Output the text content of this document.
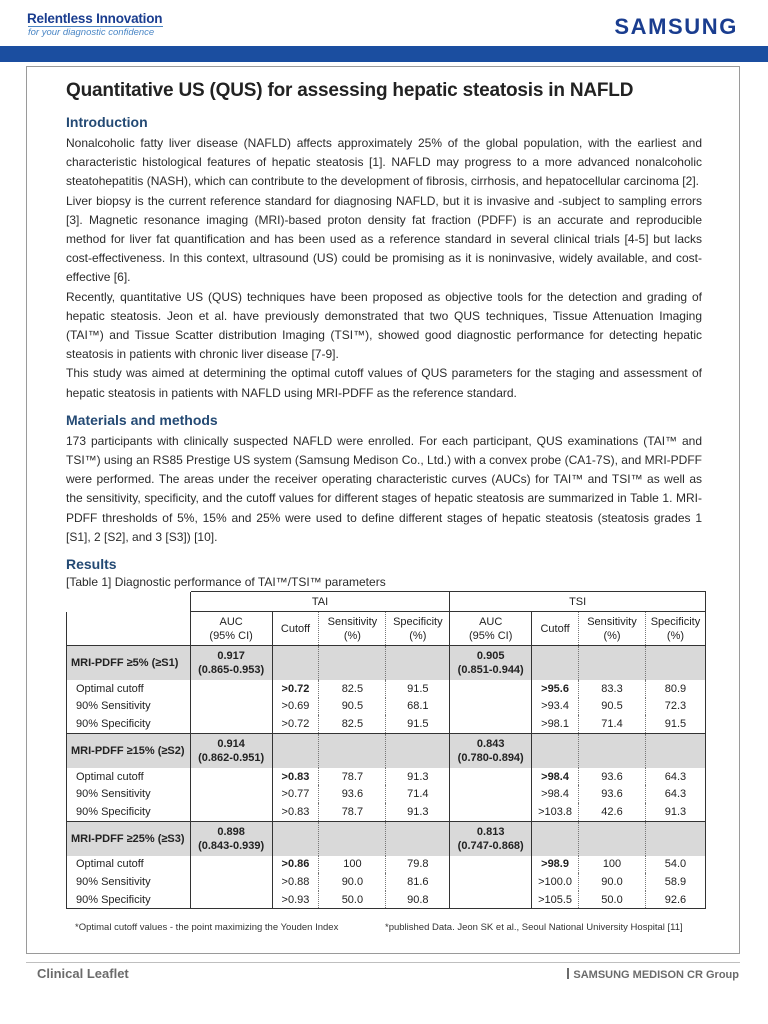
Relentless Innovation
for your diagnostic confidence	SAMSUNG
Quantitative US (QUS) for assessing hepatic steatosis in NAFLD
Introduction

Nonalcoholic fatty liver disease (NAFLD) affects approximately 25% of the global population, with the earliest and characteristic histological features of hepatic steatosis [1]. NAFLD may progress to a more advanced nonalcoholic steatohepatitis (NASH), which can contribute to the development of fibrosis, cirrhosis, and hepatocellular carcinoma [2].

Liver biopsy is the current reference standard for diagnosing NAFLD, but it is invasive and -subject to sampling errors [3]. Magnetic resonance imaging (MRI)-based proton density fat fraction (PDFF) is an accurate and reproducible method for liver fat quantification and has been used as a reference standard in several clinical trials [4-5] but lacks cost-effectiveness. In this context, ultrasound (US) could be promising as it is noninvasive, widely available, and cost-effective [6].

Recently, quantitative US (QUS) techniques have been proposed as objective tools for the detection and grading of hepatic steatosis. Jeon et al. have previously demonstrated that two QUS techniques, Tissue Attenuation Imaging (TAI™) and Tissue Scatter distribution Imaging (TSI™), showed good diagnostic performance for detecting hepatic steatosis in patients with chronic liver disease [7-9].

This study was aimed at determining the optimal cutoff values of QUS parameters for the staging and assessment of hepatic steatosis in patients with NAFLD using MRI-PDFF as the reference standard.

Materials and methods

173 participants with clinically suspected NAFLD were enrolled. For each participant, QUS examinations (TAI™ and TSI™) using an RS85 Prestige US system (Samsung Medison Co., Ltd.) with a convex probe (CA1-7S), and MRI-PDFF were performed. The areas under the receiver operating characteristic curves (AUCs) for TAI™ and TSI™ as well as the sensitivity, specificity, and the cutoff values for different stages of hepatic steatosis are summarized in Table 1. MRI-PDFF thresholds of 5%, 15% and 25% were used to define different stages of hepatic steatosis (steatosis grades 1 [S1], 2 [S2], and 3 [S3]) [10].

Results
[Table 1] Diagnostic performance of TAI™/TSI™ parameters
	TAI				TSI			
	AUC
(95% CI)	Cutoff	Sensitivity
(%)	Specificity
(%)	AUC
(95% CI)	Cutoff	Sensitivity
(%)	Specificity
(%)
MRI-PDFF ≥5% (≥S1)	0.917
(0.865-0.953)				0.905
(0.851-0.944)			
Optimal cutoff		>0.72	82.5	91.5		>95.6	83.3	80.9
90% Sensitivity		>0.69	90.5	68.1		>93.4	90.5	72.3
90% Specificity		>0.72	82.5	91.5		>98.1	71.4	91.5
MRI-PDFF ≥15% (≥S2)	0.914
(0.862-0.951)				0.843
(0.780-0.894)			
Optimal cutoff		>0.83	78.7	91.3		>98.4	93.6	64.3
90% Sensitivity		>0.77	93.6	71.4		>98.4	93.6	64.3
90% Specificity		>0.83	78.7	91.3		>103.8	42.6	91.3
MRI-PDFF ≥25% (≥S3)	0.898
(0.843-0.939)				0.813
(0.747-0.868)			
Optimal cutoff		>0.86	100	79.8		>98.9	100	54.0
90% Sensitivity		>0.88	90.0	81.6		>100.0	90.0	58.9
90% Specificity		>0.93	50.0	90.8		>105.5	50.0	92.6
*Optimal cutoff values - the point maximizing the Youden Index	*published Data. Jeon SK et al., Seoul National University Hospital [11]
Clinical Leaflet	SAMSUNG MEDISON CR Group
